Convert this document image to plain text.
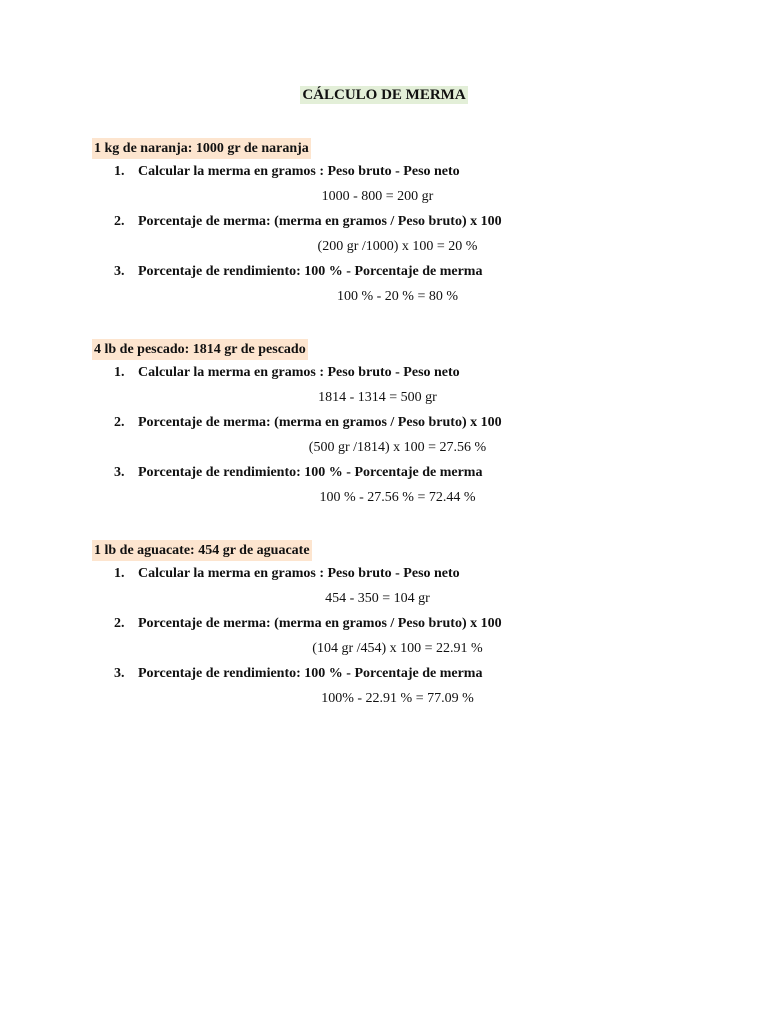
CÁLCULO DE MERMA
1 kg de naranja: 1000 gr de naranja
1. Calcular la merma en gramos : Peso bruto - Peso neto
1000 - 800 = 200 gr
2. Porcentaje de merma: (merma en gramos / Peso bruto) x 100
(200 gr /1000) x 100 = 20 %
3. Porcentaje de rendimiento: 100 % - Porcentaje de merma
100 % - 20 % = 80 %
4 lb de pescado: 1814 gr de pescado
1. Calcular la merma en gramos : Peso bruto - Peso neto
1814 - 1314 = 500 gr
2. Porcentaje de merma: (merma en gramos / Peso bruto) x 100
(500 gr /1814) x 100 = 27.56 %
3. Porcentaje de rendimiento: 100 % - Porcentaje de merma
100 % - 27.56 % = 72.44 %
1 lb de aguacate: 454 gr de aguacate
1. Calcular la merma en gramos : Peso bruto - Peso neto
454 - 350 = 104 gr
2. Porcentaje de merma: (merma en gramos / Peso bruto) x 100
(104 gr /454) x 100 = 22.91 %
3. Porcentaje de rendimiento: 100 % - Porcentaje de merma
100% - 22.91 % = 77.09 %
